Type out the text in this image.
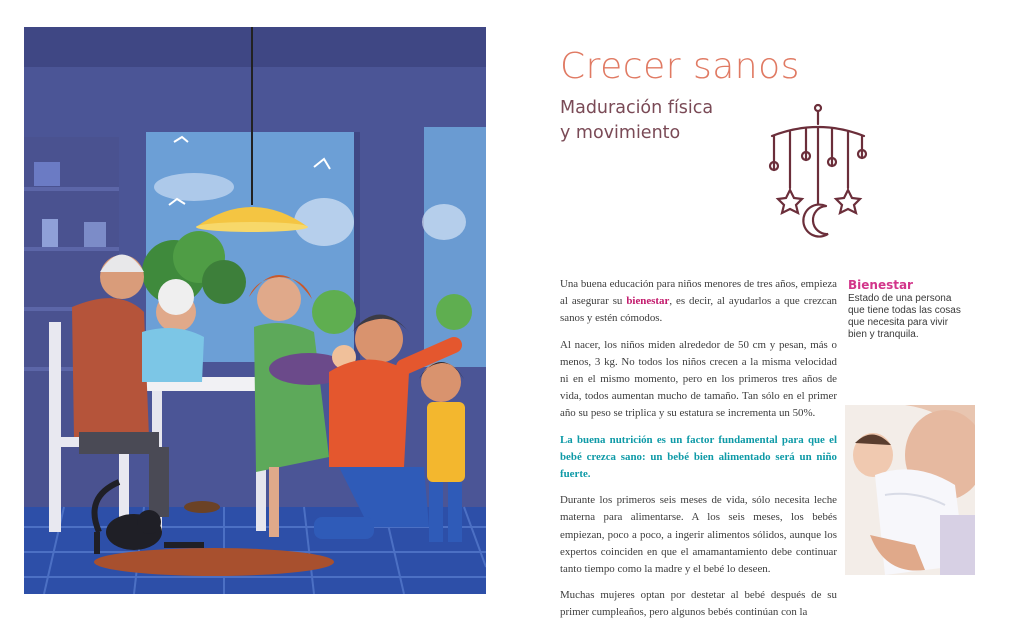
Crecer sanos
Maduración física
y movimiento

Una buena educación para niños menores de tres años, empieza al asegurar su bienestar, es decir, al ayudarlos a que crezcan sanos y estén cómodos.

Al nacer, los niños miden alrededor de 50 cm y pesan, más o menos, 3 kg. No todos los niños crecen a la misma velocidad ni en el mismo momento, pero en los primeros tres años de vida, todos aumentan mucho de tamaño. Tan sólo en el primer año su peso se triplica y su estatura se incrementa un 50%.

La buena nutrición es un factor fundamental para que el bebé crezca sano: un bebé bien alimentado será un niño fuerte.

Durante los primeros seis meses de vida, sólo necesita leche materna para alimentarse. A los seis meses, los bebés empiezan, poco a poco, a ingerir alimentos sólidos, aunque los expertos coinciden en que el amamantamiento debe continuar tanto tiempo como la madre y el bebé lo deseen.

Muchas mujeres optan por destetar al bebé después de su primer cumpleaños, pero algunos bebés continúan con la

Bienestar

Estado de una persona que tiene todas las cosas que necesita para vivir bien y tranquila.
